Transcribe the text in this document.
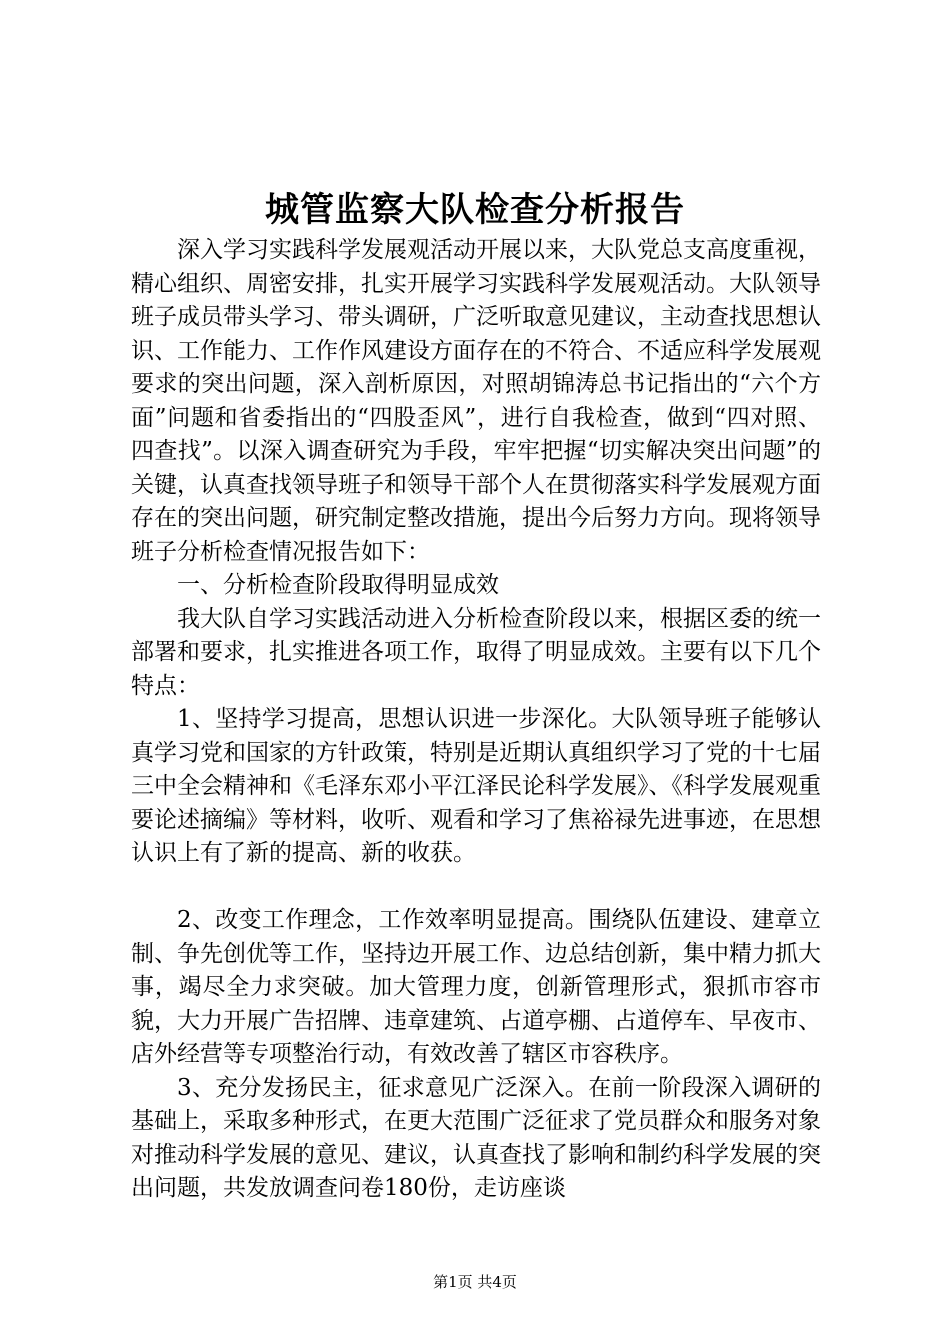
城管监察大队检查分析报告

深入学习实践科学发展观活动开展以来，大队党总支高度重视，精心组织、周密安排，扎实开展学习实践科学发展观活动。大队领导班子成员带头学习、带头调研，广泛听取意见建议，主动查找思想认识、工作能力、工作作风建设方面存在的不符合、不适应科学发展观要求的突出问题，深入剖析原因，对照胡锦涛总书记指出的“六个方面”问题和省委指出的“四股歪风”，进行自我检查，做到“四对照、四查找”。以深入调查研究为手段，牢牢把握“切实解决突出问题”的关键，认真查找领导班子和领导干部个人在贯彻落实科学发展观方面存在的突出问题，研究制定整改措施，提出今后努力方向。现将领导班子分析检查情况报告如下：

一、分析检查阶段取得明显成效

我大队自学习实践活动进入分析检查阶段以来，根据区委的统一部署和要求，扎实推进各项工作，取得了明显成效。主要有以下几个特点：

1、坚持学习提高，思想认识进一步深化。大队领导班子能够认真学习党和国家的方针政策，特别是近期认真组织学习了党的十七届三中全会精神和《毛泽东邓小平江泽民论科学发展》、《科学发展观重要论述摘编》等材料，收听、观看和学习了焦裕禄先进事迹，在思想认识上有了新的提高、新的收获。

2、改变工作理念，工作效率明显提高。围绕队伍建设、建章立制、争先创优等工作，坚持边开展工作、边总结创新，集中精力抓大事，竭尽全力求突破。加大管理力度，创新管理形式，狠抓市容市貌，大力开展广告招牌、违章建筑、占道亭棚、占道停车、早夜市、店外经营等专项整治行动，有效改善了辖区市容秩序。

3、充分发扬民主，征求意见广泛深入。在前一阶段深入调研的基础上，采取多种形式，在更大范围广泛征求了党员群众和服务对象对推动科学发展的意见、建议，认真查找了影响和制约科学发展的突出问题，共发放调查问卷180份，走访座谈

第1页 共4页
